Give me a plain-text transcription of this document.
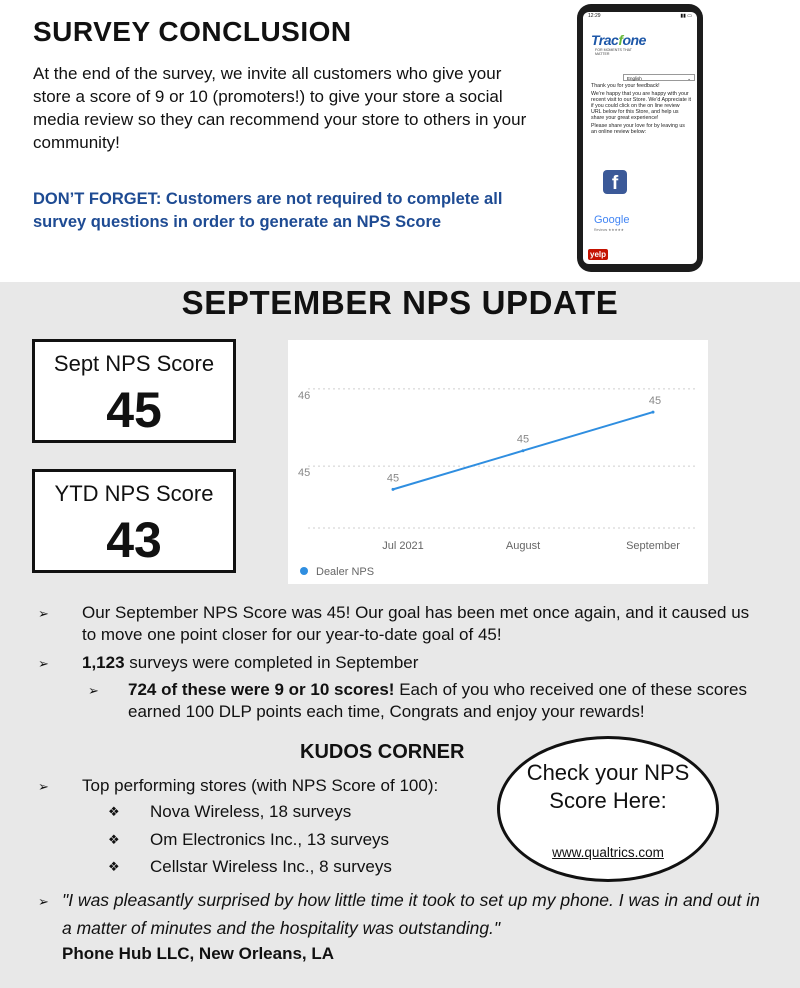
SURVEY CONCLUSION

At the end of the survey, we invite all customers who give your store a score of 9 or 10 (promoters!) to give your store a social media review so they can recommend your store to others in your community!

DON’T FORGET: Customers are not required to complete all survey questions in order to generate an NPS Score

12:29	▮▮ ▭
Tracfone
FOR MOMENTS THAT MATTER
English	⌄
Thank you for your feedback!
We’re happy that you are happy with your recent visit to our Store. We’d Appreciate it if you could click on the on line review URL below for this Store, and help us share your great experience!
Please share your love for by leaving us an online review below:
f
Google
Reviews ★★★★★
yelp
SEPTEMBER NPS UPDATE
Sept NPS Score
45
YTD NPS Score
43
46
45
Jul 2021	August	September
45
45
45
Dealer NPS
➢ Our September NPS Score was 45! Our goal has been met once again, and it caused us to move one point closer for our year-to-date goal of 45!

➢ 1,123 surveys were completed in September

➢ 724 of these were 9 or 10 scores! Each of you who received one of these scores earned 100 DLP points each time, Congrats and enjoy your rewards!

KUDOS CORNER
➢ Top performing stores (with NPS Score of 100):

❖ Nova Wireless, 18 surveys

❖ Om Electronics Inc., 13 surveys

❖ Cellstar Wireless Inc., 8 surveys

Check your NPS Score Here:
www.qualtrics.com
➢ "I was pleasantly surprised by how little time it took to set up my phone. I was in and out in a matter of minutes and the hospitality was outstanding."

Phone Hub LLC, New Orleans, LA
